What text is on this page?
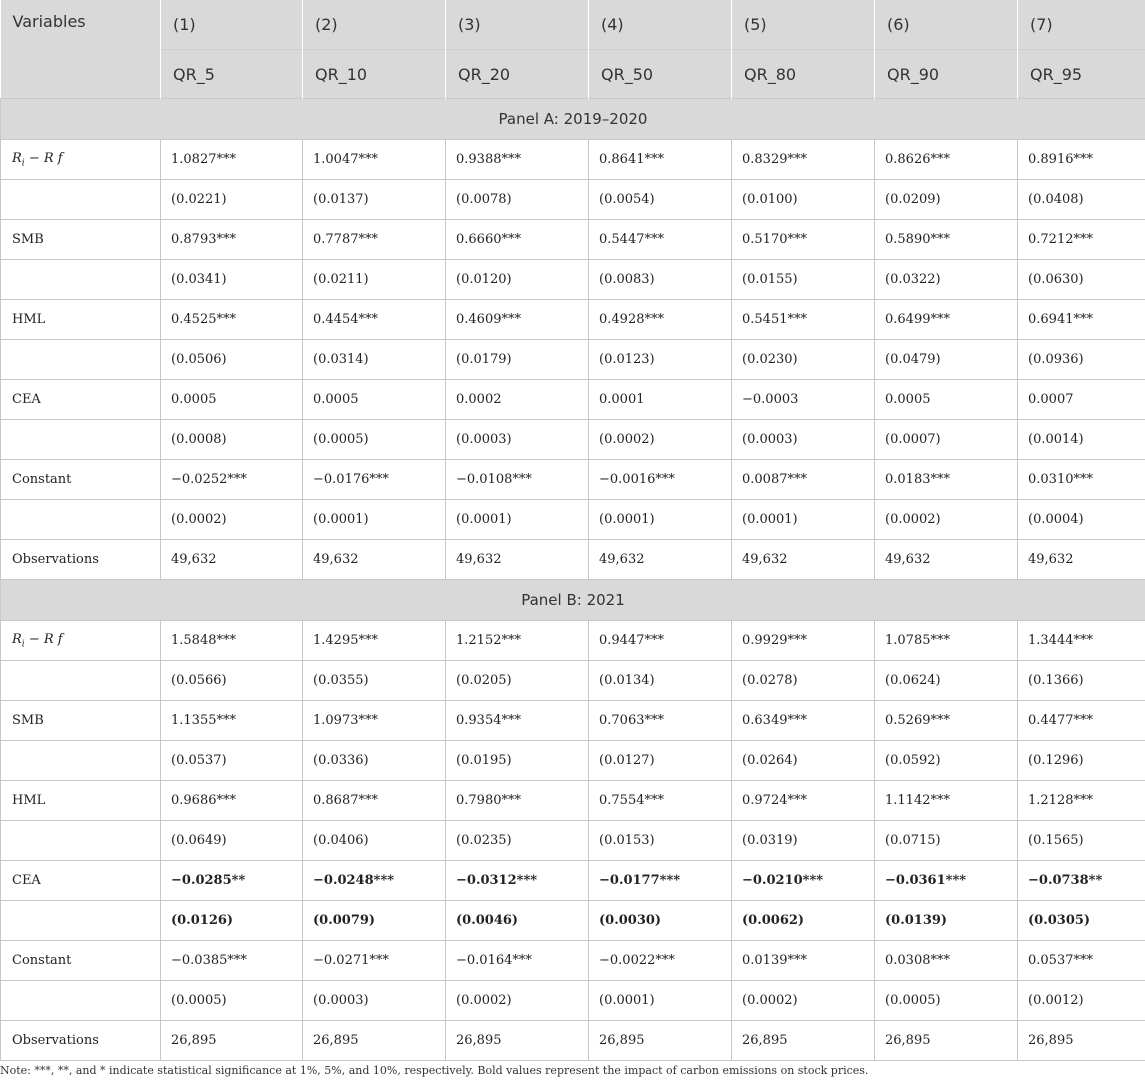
Variables	(1)	(2)	(3)	(4)	(5)	(6)	(7)
	QR_5	QR_10	QR_20	QR_50	QR_80	QR_90	QR_95
Panel A: 2019–2020							
$R_i - R$ f	1.0827***	1.0047***	0.9388***	0.8641***	0.8329***	0.8626***	0.8916***
	(0.0221)	(0.0137)	(0.0078)	(0.0054)	(0.0100)	(0.0209)	(0.0408)
SMB	0.8793***	0.7787***	0.6660***	0.5447***	0.5170***	0.5890***	0.7212***
	(0.0341)	(0.0211)	(0.0120)	(0.0083)	(0.0155)	(0.0322)	(0.0630)
HML	0.4525***	0.4454***	0.4609***	0.4928***	0.5451***	0.6499***	0.6941***
	(0.0506)	(0.0314)	(0.0179)	(0.0123)	(0.0230)	(0.0479)	(0.0936)
CEA	0.0005	0.0005	0.0002	0.0001	−0.0003	0.0005	0.0007
	(0.0008)	(0.0005)	(0.0003)	(0.0002)	(0.0003)	(0.0007)	(0.0014)
Constant	−0.0252***	−0.0176***	−0.0108***	−0.0016***	0.0087***	0.0183***	0.0310***
	(0.0002)	(0.0001)	(0.0001)	(0.0001)	(0.0001)	(0.0002)	(0.0004)
Observations	49,632	49,632	49,632	49,632	49,632	49,632	49,632
Panel B: 2021							
$R_i - R$ f	1.5848***	1.4295***	1.2152***	0.9447***	0.9929***	1.0785***	1.3444***
	(0.0566)	(0.0355)	(0.0205)	(0.0134)	(0.0278)	(0.0624)	(0.1366)
SMB	1.1355***	1.0973***	0.9354***	0.7063***	0.6349***	0.5269***	0.4477***
	(0.0537)	(0.0336)	(0.0195)	(0.0127)	(0.0264)	(0.0592)	(0.1296)
HML	0.9686***	0.8687***	0.7980***	0.7554***	0.9724***	1.1142***	1.2128***
	(0.0649)	(0.0406)	(0.0235)	(0.0153)	(0.0319)	(0.0715)	(0.1565)
CEA	−0.0285**	−0.0248***	−0.0312***	−0.0177***	−0.0210***	−0.0361***	−0.0738**
	(0.0126)	(0.0079)	(0.0046)	(0.0030)	(0.0062)	(0.0139)	(0.0305)
Constant	−0.0385***	−0.0271***	−0.0164***	−0.0022***	0.0139***	0.0308***	0.0537***
	(0.0005)	(0.0003)	(0.0002)	(0.0001)	(0.0002)	(0.0005)	(0.0012)
Observations	26,895	26,895	26,895	26,895	26,895	26,895	26,895
Note: ***, **, and * indicate statistical significance at 1%, 5%, and 10%, respectively. Bold values represent the impact of carbon emissions on stock prices.
